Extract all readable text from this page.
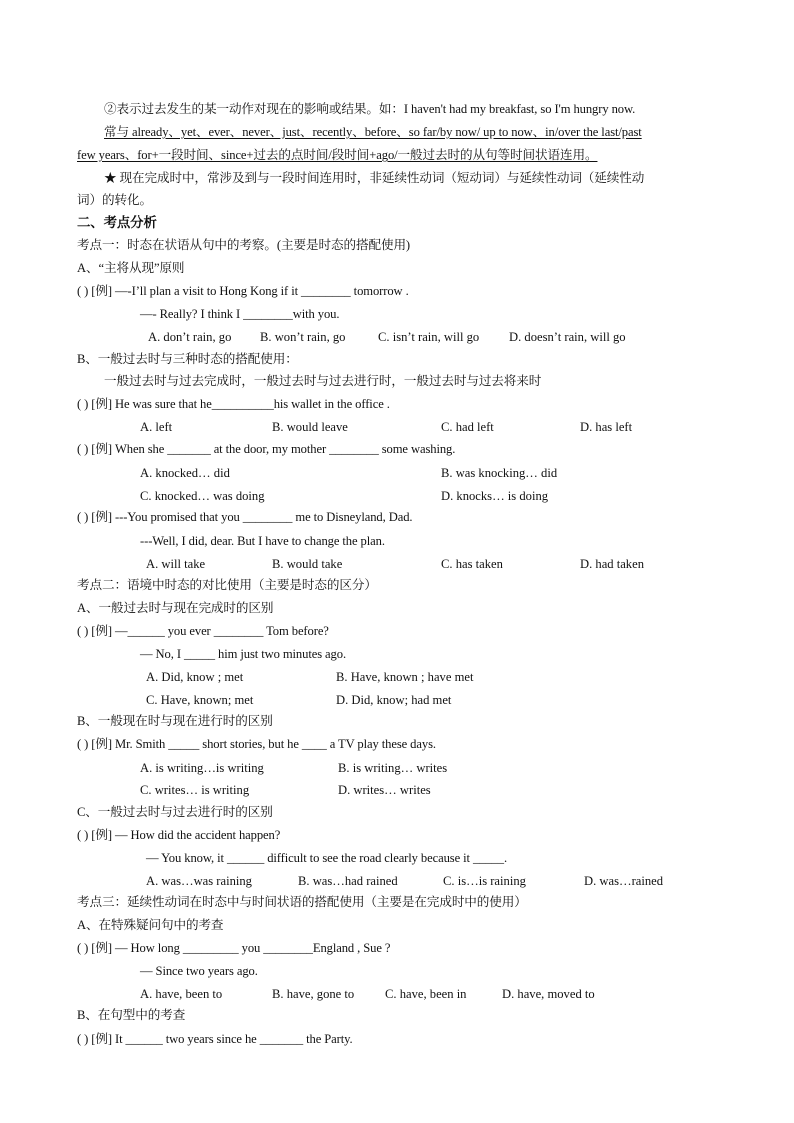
②表示过去发生的某一动作对现在的影响或结果。如：I haven't had my breakfast, so I'm hungry now.
常与 already、yet、ever、never、just、recently、before、so far/by now/ up to now、in/over the last/past
few years、for+一段时间、since+过去的点时间/段时间+ago/一般过去时的从句等时间状语连用。
★ 现在完成时中，常涉及到与一段时间连用时，非延续性动词（短动词）与延续性动词（延续性动
词）的转化。
二、考点分析
考点一：时态在状语从句中的考察。(主要是时态的搭配使用)
A、“主将从现”原则
( ) [例] —-I’ll plan a visit to Hong Kong if it ________ tomorrow .
—- Really? I think I ________with you.
A. don’t rain, go B. won’t rain, go	C. isn’t rain, will go D. doesn’t rain, will go
B、一般过去时与三种时态的搭配使用：
一般过去时与过去完成时，一般过去时与过去进行时，一般过去时与过去将来时
( ) [例] He was sure that he__________his wallet in the office .
A. left	B. would leave	C. had left	D. has left
( ) [例] When she _______ at the door, my mother ________ some washing.
A. knocked… did	B. was knocking… did
C. knocked… was doing	D. knocks… is doing
( ) [例] ---You promised that you ________ me to Disneyland, Dad.
---Well, I did, dear. But I have to change the plan.
A. will take	B. would take	C. has taken	D. had taken
考点二：语境中时态的对比使用（主要是时态的区分）
A、一般过去时与现在完成时的区别
( ) [例] —______ you ever ________ Tom before?
— No, I _____ him just two minutes ago.
A. Did, know ; met	B. Have, known ; have met
C. Have, known; met	D. Did, know; had met
B、一般现在时与现在进行时的区别
( ) [例] Mr. Smith _____ short stories, but he ____ a TV play these days.
A. is writing…is writing	B. is writing… writes
C. writes… is writing	D. writes… writes
C、一般过去时与过去进行时的区别
( ) [例] — How did the accident happen?
— You know, it ______ difficult to see the road clearly because it _____.
A. was…was raining	B. was…had rained	C. is…is raining	D. was…rained
考点三：延续性动词在时态中与时间状语的搭配使用（主要是在完成时中的使用）
A、在特殊疑问句中的考查
( ) [例] — How long _________ you ________England , Sue ?
— Since two years ago.
A. have, been to	B. have, gone to C. have, been in	D. have, moved to
B、在句型中的考查
( ) [例] It ______ two years since he _______ the Party.
